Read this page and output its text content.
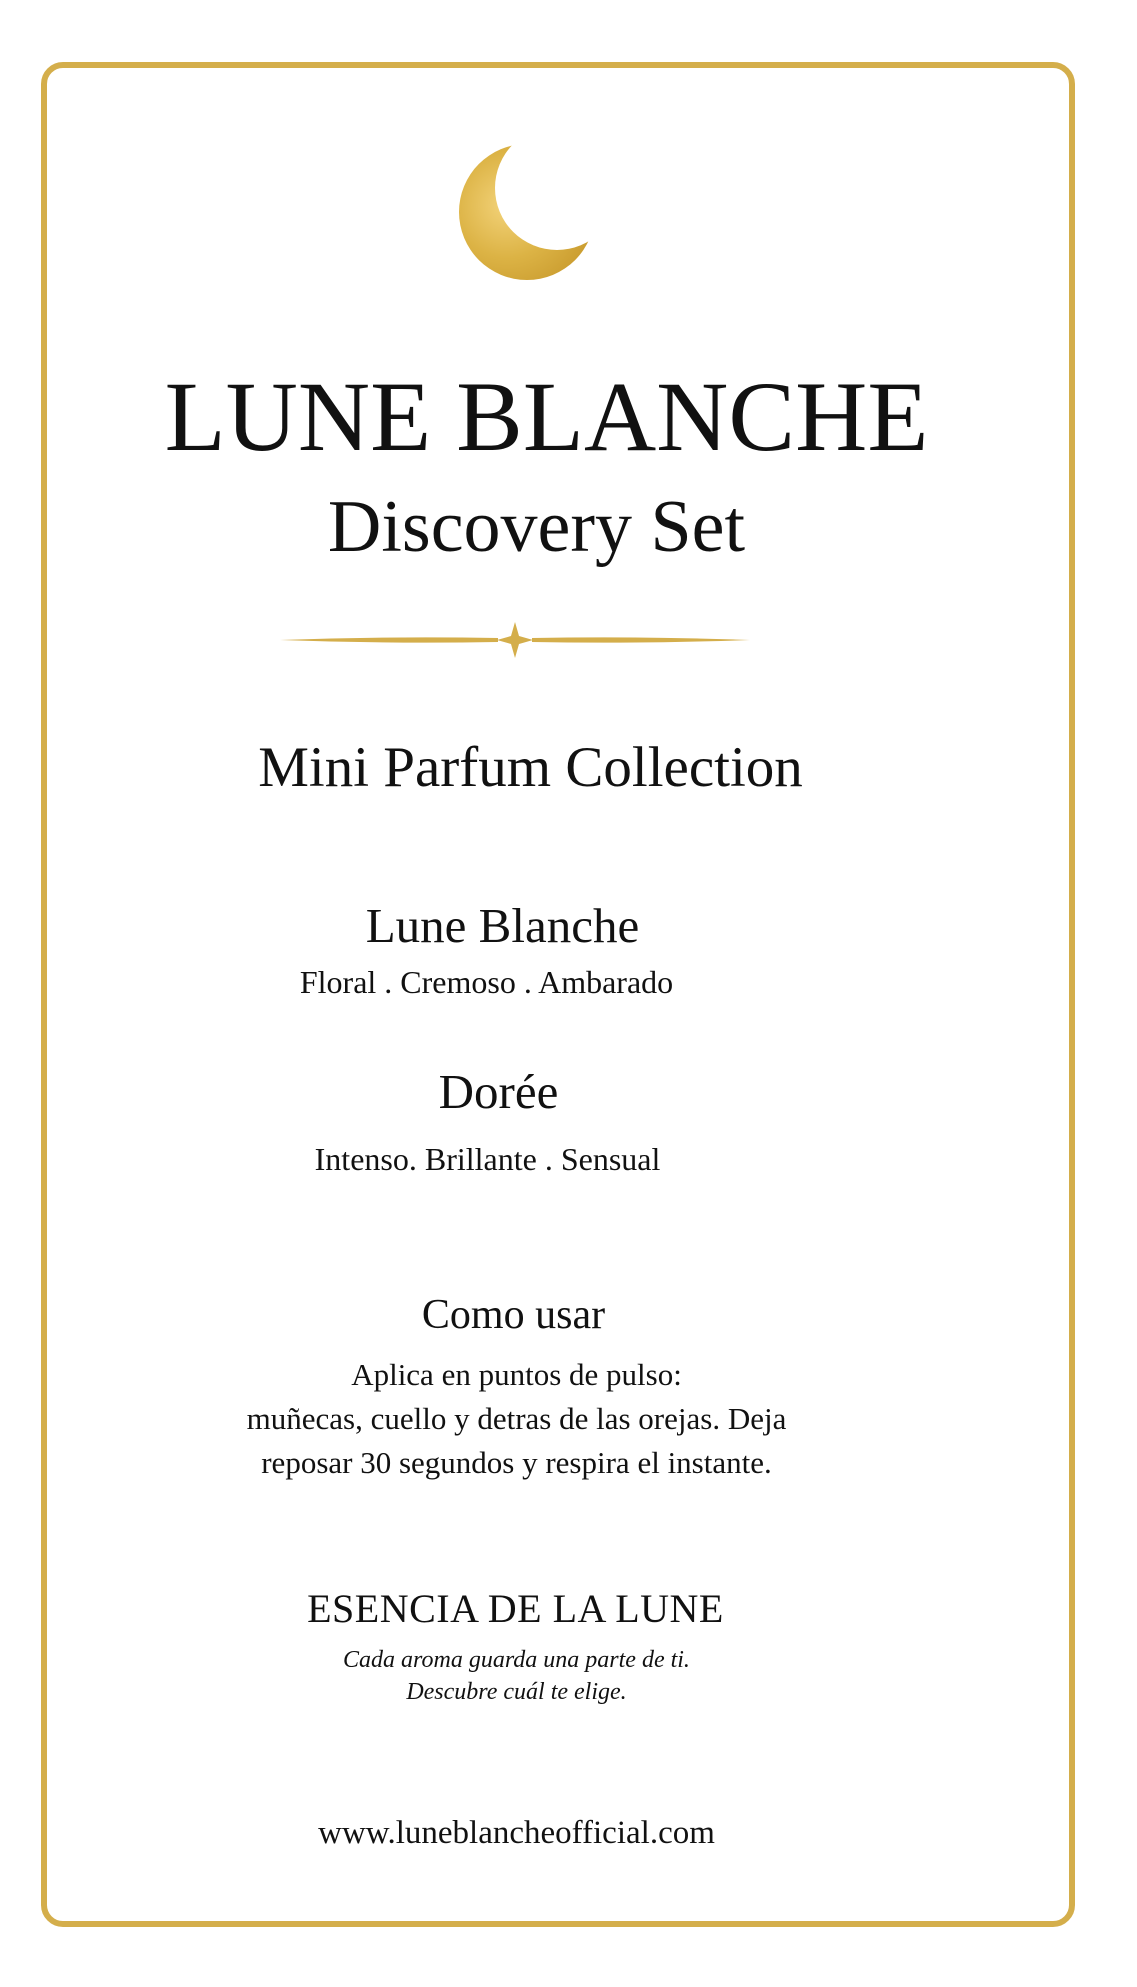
LUNE BLANCHE
Discovery Set
Mini Parfum Collection
Lune Blanche
Floral . Cremoso . Ambarado
Dorée
Intenso. Brillante . Sensual
Como usar
Aplica en puntos de pulso:
muñecas, cuello y detras de las orejas. Deja
reposar 30 segundos y respira el instante.
ESENCIA DE LA LUNE
Cada aroma guarda una parte de ti.
Descubre cuál te elige.
www.luneblancheofficial.com
